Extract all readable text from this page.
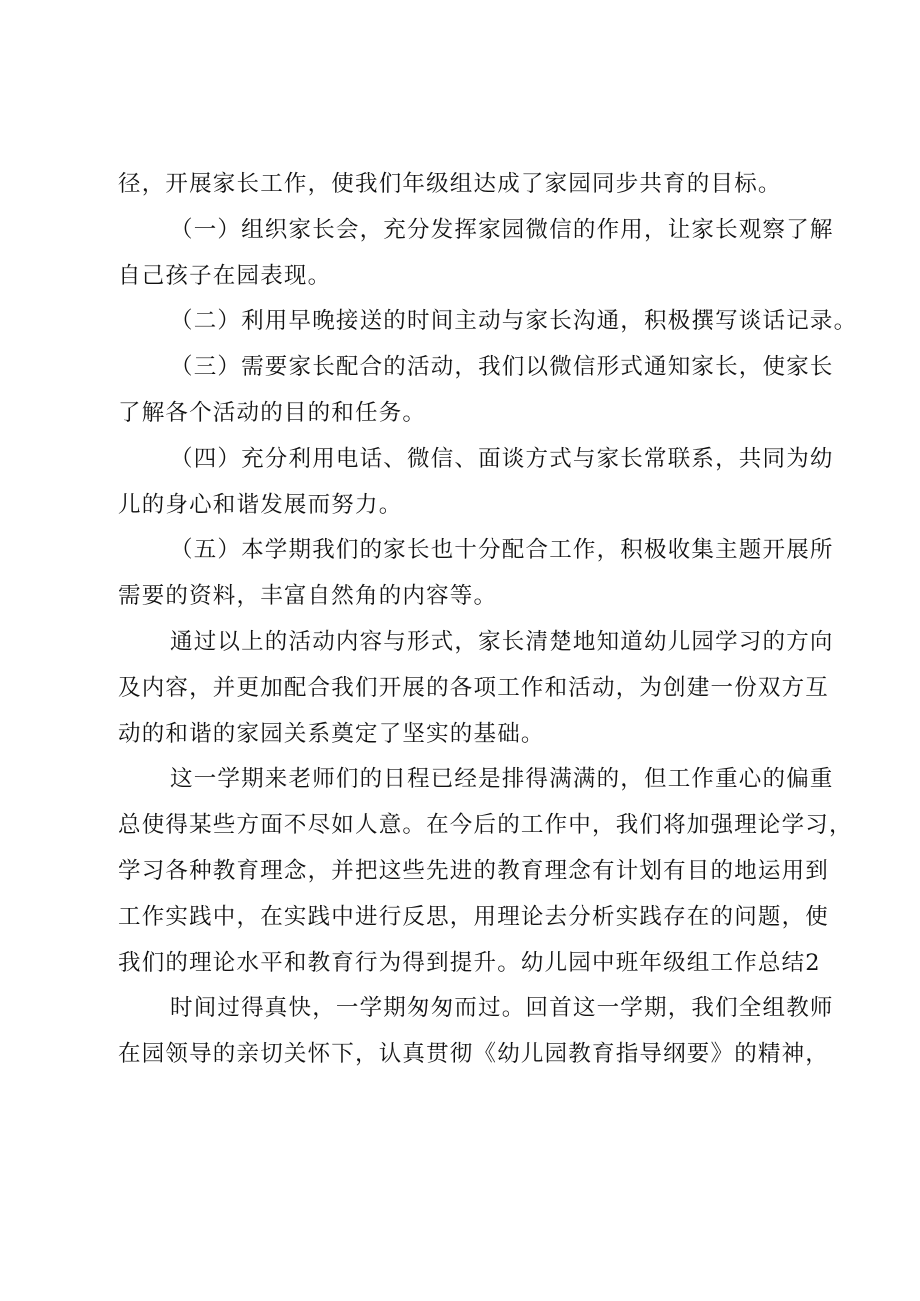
径，开展家长工作，使我们年级组达成了家园同步共育的目标。
（一）组织家长会，充分发挥家园微信的作用，让家长观察了解
自己孩子在园表现。
（二）利用早晚接送的时间主动与家长沟通，积极撰写谈话记录。
（三）需要家长配合的活动，我们以微信形式通知家长，使家长
了解各个活动的目的和任务。
（四）充分利用电话、微信、面谈方式与家长常联系，共同为幼
儿的身心和谐发展而努力。
（五）本学期我们的家长也十分配合工作，积极收集主题开展所
需要的资料，丰富自然角的内容等。
通过以上的活动内容与形式，家长清楚地知道幼儿园学习的方向
及内容，并更加配合我们开展的各项工作和活动，为创建一份双方互
动的和谐的家园关系奠定了坚实的基础。
这一学期来老师们的日程已经是排得满满的，但工作重心的偏重
总使得某些方面不尽如人意。在今后的工作中，我们将加强理论学习，
学习各种教育理念，并把这些先进的教育理念有计划有目的地运用到
工作实践中，在实践中进行反思，用理论去分析实践存在的问题，使
我们的理论水平和教育行为得到提升。幼儿园中班年级组工作总结2
时间过得真快，一学期匆匆而过。回首这一学期，我们全组教师
在园领导的亲切关怀下，认真贯彻《幼儿园教育指导纲要》的精神，
